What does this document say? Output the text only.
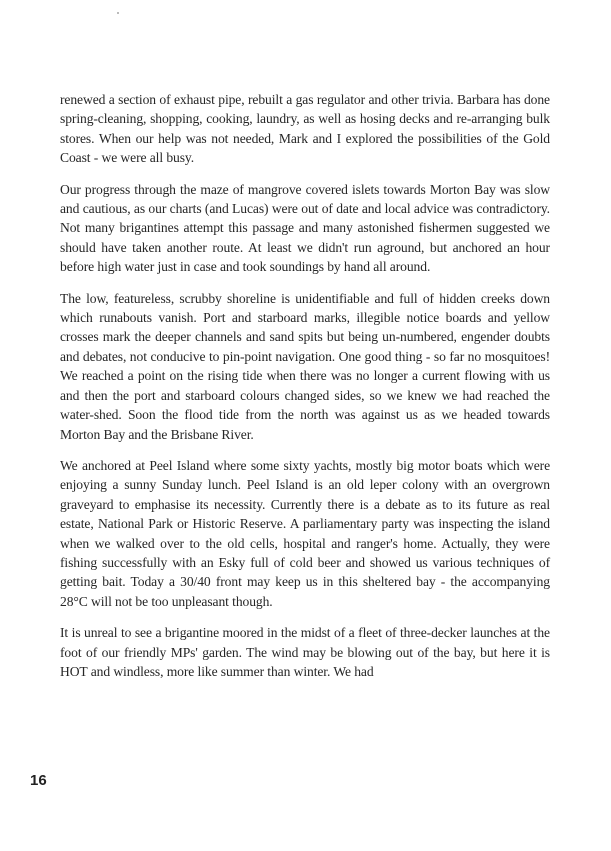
renewed a section of exhaust pipe, rebuilt a gas regulator and other trivia. Barbara has done spring-cleaning, shopping, cooking, laundry, as well as hosing decks and re-arranging bulk stores. When our help was not needed, Mark and I explored the possibilities of the Gold Coast - we were all busy.

Our progress through the maze of mangrove covered islets towards Morton Bay was slow and cautious, as our charts (and Lucas) were out of date and local advice was contradictory. Not many brigantines attempt this passage and many astonished fishermen suggested we should have taken another route. At least we didn't run aground, but anchored an hour before high water just in case and took soundings by hand all around.

The low, featureless, scrubby shoreline is unidentifiable and full of hidden creeks down which runabouts vanish. Port and starboard marks, illegible notice boards and yellow crosses mark the deeper channels and sand spits but being un-numbered, engender doubts and debates, not conducive to pin-point navigation. One good thing - so far no mosquitoes! We reached a point on the rising tide when there was no longer a current flowing with us and then the port and starboard colours changed sides, so we knew we had reached the water-shed. Soon the flood tide from the north was against us as we headed towards Morton Bay and the Brisbane River.

We anchored at Peel Island where some sixty yachts, mostly big motor boats which were enjoying a sunny Sunday lunch. Peel Island is an old leper colony with an overgrown graveyard to emphasise its necessity. Currently there is a debate as to its future as real estate, National Park or Historic Reserve. A parliamentary party was inspecting the island when we walked over to the old cells, hospital and ranger's home. Actually, they were fishing successfully with an Esky full of cold beer and showed us various techniques of getting bait. Today a 30/40 front may keep us in this sheltered bay - the accompanying 28°C will not be too unpleasant though.

It is unreal to see a brigantine moored in the midst of a fleet of three-decker launches at the foot of our friendly MPs' garden. The wind may be blowing out of the bay, but here it is HOT and windless, more like summer than winter. We had

16
